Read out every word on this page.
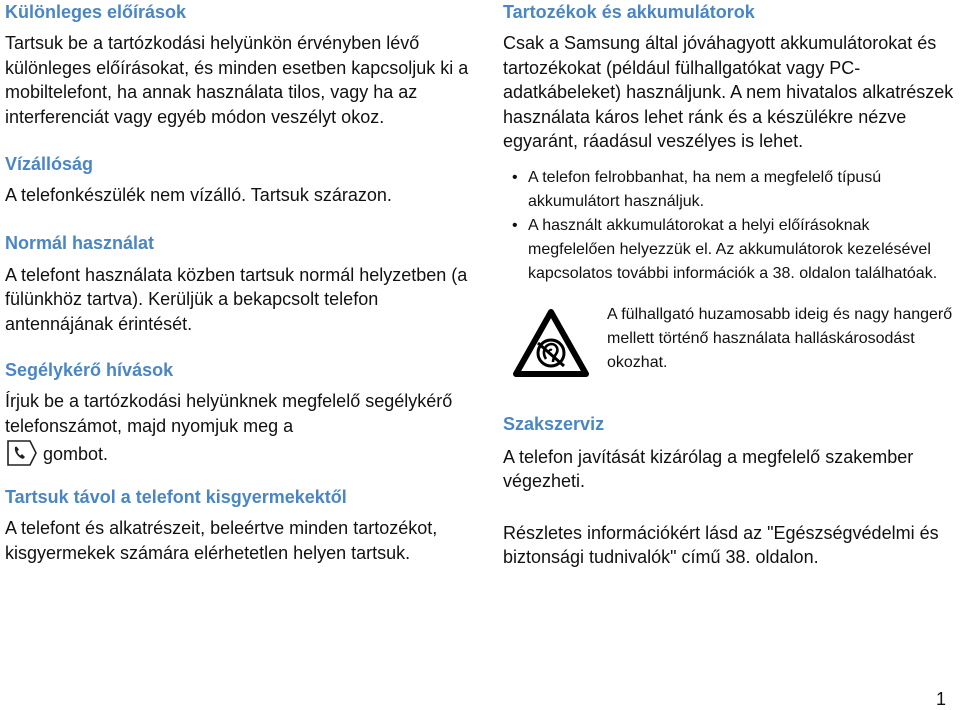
Különleges előírások

Tartsuk be a tartózkodási helyünkön érvényben lévő különleges előírásokat, és minden esetben kapcsoljuk ki a mobiltelefont, ha annak használata tilos, vagy ha az interferenciát vagy egyéb módon veszélyt okoz.

Vízállóság

A telefonkészülék nem vízálló. Tartsuk szárazon.

Normál használat

A telefont használata közben tartsuk normál helyzetben (a fülünkhöz tartva). Kerüljük a bekapcsolt telefon antennájának érintését.

Segélykérő hívások

Írjuk be a tartózkodási helyünknek megfelelő segélykérő telefonszámot, majd nyomjuk meg a
gombot.

Tartsuk távol a telefont kisgyermekektől

A telefont és alkatrészeit, beleértve minden tartozékot, kisgyermekek számára elérhetetlen helyen tartsuk.

Tartozékok és akkumulátorok

Csak a Samsung által jóváhagyott akkumulátorokat és tartozékokat (például fülhallgatókat vagy PC-adatkábeleket) használjunk. A nem hivatalos alkatrészek használata káros lehet ránk és a készülékre nézve egyaránt, ráadásul veszélyes is lehet.

• A telefon felrobbanhat, ha nem a megfelelő típusú akkumulátort használjuk.
• A használt akkumulátorokat a helyi előírásoknak megfelelően helyezzük el. Az akkumulátorok kezelésével kapcsolatos további információk a 38. oldalon találhatóak.

A fülhallgató huzamosabb ideig és nagy hangerő mellett történő használata halláskárosodást okozhat.

Szakszerviz

A telefon javítását kizárólag a megfelelő szakember végezheti.

Részletes információkért lásd az "Egészségvédelmi és biztonsági tudnivalók" című 38. oldalon.

1
